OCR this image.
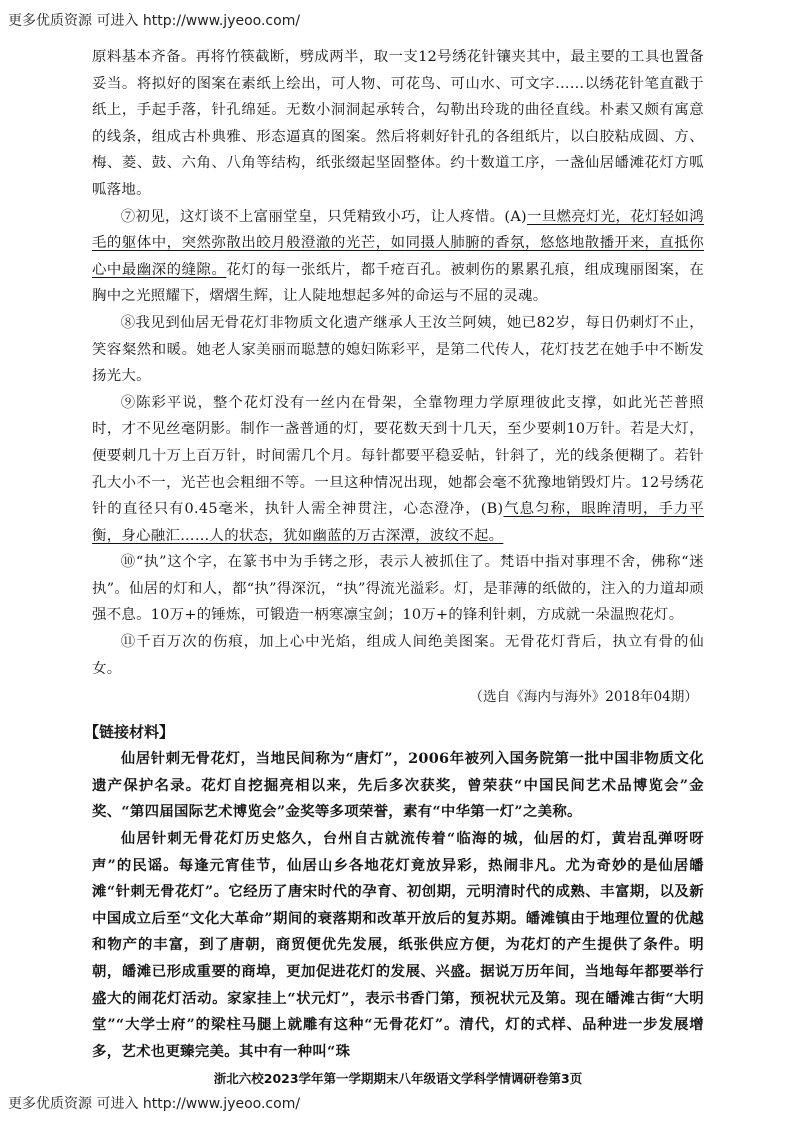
更多优质资源 可进入 http://www.jyeoo.com/

原料基本齐备。再将竹筷截断，劈成两半，取一支12号绣花针镶夹其中，最主要的工具也置备妥当。将拟好的图案在素纸上绘出，可人物、可花鸟、可山水、可文字……以绣花针笔直戳于纸上，手起手落，针孔绵延。无数小洞洞起承转合，勾勒出玲珑的曲径直线。朴素又颇有寓意的线条，组成古朴典雅、形态逼真的图案。然后将刺好针孔的各组纸片，以白胶粘成圆、方、梅、菱、鼓、六角、八角等结构，纸张缀起坚固整体。约十数道工序，一盏仙居皤滩花灯方呱呱落地。

⑦初见，这灯谈不上富丽堂皇，只凭精致小巧，让人疼惜。(A)一旦燃亮灯光，花灯轻如鸿毛的躯体中，突然弥散出皎月般澄澈的光芒，如同摄人肺腑的香氛，悠悠地散播开来，直抵你心中最幽深的缝隙。花灯的每一张纸片，都千疮百孔。被刺伤的累累孔痕，组成瑰丽图案，在胸中之光照耀下，熠熠生辉，让人陡地想起多舛的命运与不屈的灵魂。

⑧我见到仙居无骨花灯非物质文化遗产继承人王汝兰阿姨，她已82岁，每日仍刺灯不止，笑容粲然和暖。她老人家美丽而聪慧的媳妇陈彩平，是第二代传人，花灯技艺在她手中不断发扬光大。

⑨陈彩平说，整个花灯没有一丝内在骨架，全靠物理力学原理彼此支撑，如此光芒普照时，才不见丝毫阴影。制作一盏普通的灯，要花数天到十几天，至少要刺10万针。若是大灯，便要刺几十万上百万针，时间需几个月。每针都要平稳妥帖，针斜了，光的线条便糊了。若针孔大小不一，光芒也会粗细不等。一旦这种情况出现，她都会毫不犹豫地销毁灯片。12号绣花针的直径只有0.45毫米，执针人需全神贯注，心态澄净，(B)气息匀称，眼眸清明，手力平衡，身心融汇……人的状态，犹如幽蓝的万古深潭，波纹不起。

⑩“执”这个字，在篆书中为手铐之形，表示人被抓住了。梵语中指对事理不舍，佛称“迷执”。仙居的灯和人，都“执”得深沉，“执”得流光溢彩。灯，是菲薄的纸做的，注入的力道却顽强不息。10万+的锤炼，可锻造一柄寒凛宝剑；10万+的锋利针刺，方成就一朵温煦花灯。

⑪千百万次的伤痕，加上心中光焰，组成人间绝美图案。无骨花灯背后，执立有骨的仙女。

（选自《海内与海外》2018年04期）

【链接材料】

仙居针刺无骨花灯，当地民间称为“唐灯”，2006年被列入国务院第一批中国非物质文化遗产保护名录。花灯自挖掘亮相以来，先后多次获奖，曾荣获“中国民间艺术品博览会”金奖、“第四届国际艺术博览会”金奖等多项荣誉，素有“中华第一灯”之美称。

仙居针刺无骨花灯历史悠久，台州自古就流传着“临海的城，仙居的灯，黄岩乱弹呀呀声”的民谣。每逢元宵佳节，仙居山乡各地花灯竟放异彩，热闹非凡。尤为奇妙的是仙居皤滩“针刺无骨花灯”。它经历了唐宋时代的孕育、初创期，元明清时代的成熟、丰富期，以及新中国成立后至“文化大革命”期间的衰落期和改革开放后的复苏期。皤滩镇由于地理位置的优越和物产的丰富，到了唐朝，商贸便优先发展，纸张供应方便，为花灯的产生提供了条件。明朝，皤滩已形成重要的商埠，更加促进花灯的发展、兴盛。据说万历年间，当地每年都要举行盛大的闹花灯活动。家家挂上“状元灯”，表示书香门第，预祝状元及第。现在皤滩古街“大明堂”“大学士府”的梁柱马腿上就雕有这种“无骨花灯”。清代，灯的式样、品种进一步发展增多，艺术也更臻完美。其中有一种叫“珠

浙北六校2023学年第一学期期末八年级语文学科学情调研卷第3页
更多优质资源 可进入 http://www.jyeoo.com/
